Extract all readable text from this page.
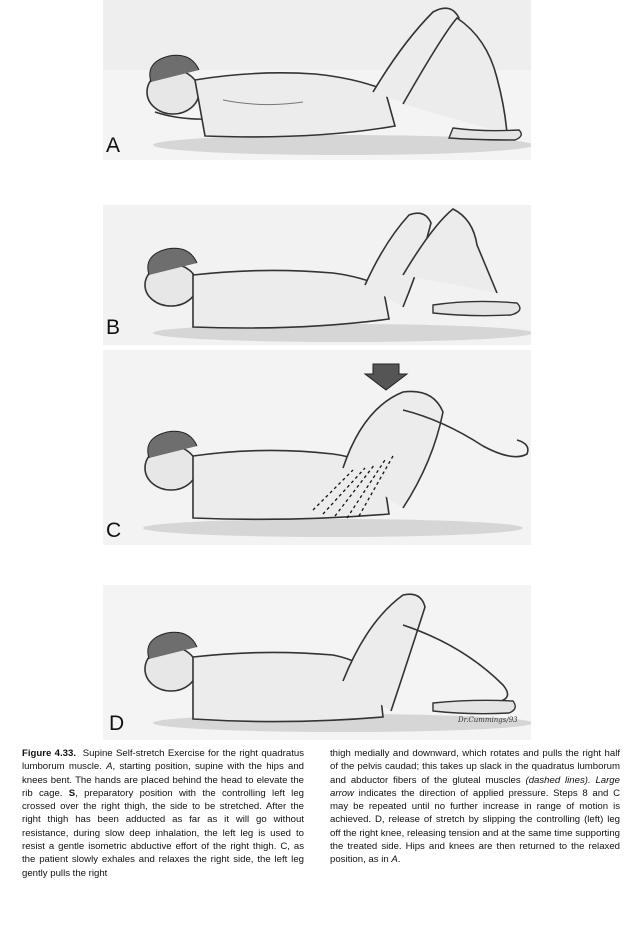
A
B
C
D	Dr.Cummings/93
Figure 4.33. Supine Self-stretch Exercise for the right quadratus lumborum muscle. A, starting position, supine with the hips and knees bent. The hands are placed behind the head to elevate the rib cage. S, preparatory position with the controlling left leg crossed over the right thigh, the side to be stretched. After the right thigh has been adducted as far as it will go without resistance, during slow deep inhalation, the left leg is used to resist a gentle isometric abductive effort of the right thigh. C, as the patient slowly exhales and relaxes the right side, the left leg gently pulls the right
thigh medially and downward, which rotates and pulls the right half of the pelvis caudad; this takes up slack in the quadratus lumborum and abductor fibers of the gluteal muscles (dashed lines). Large arrow indicates the direction of applied pressure. Steps 8 and C may be repeated until no further increase in range of motion is achieved. D, release of stretch by slipping the controlling (left) leg off the right knee, releasing tension and at the same time supporting the treated side. Hips and knees are then returned to the relaxed position, as in A.
